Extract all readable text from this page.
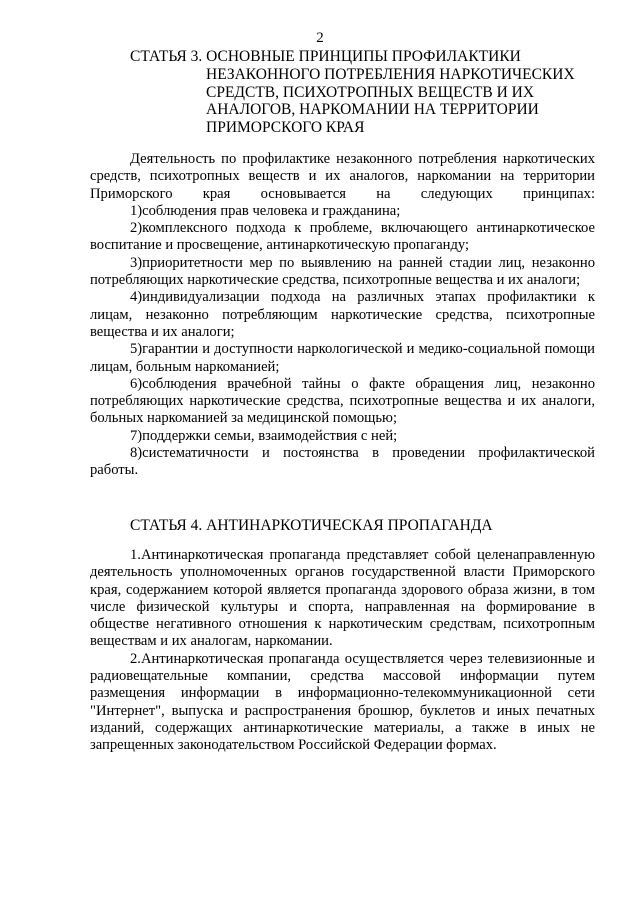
2
СТАТЬЯ 3. ОСНОВНЫЕ ПРИНЦИПЫ ПРОФИЛАКТИКИ
НЕЗАКОННОГО ПОТРЕБЛЕНИЯ НАРКОТИЧЕСКИХ
СРЕДСТВ, ПСИХОТРОПНЫХ ВЕЩЕСТВ И ИХ
АНАЛОГОВ, НАРКОМАНИИ НА ТЕРРИТОРИИ
ПРИМОРСКОГО КРАЯ

Деятельность по профилактике незаконного потребления наркотических средств, психотропных веществ и их аналогов, наркомании на территории Приморского края основывается на следующих принципах:

1)соблюдения прав человека и гражданина;

2)комплексного подхода к проблеме, включающего антинаркотическое воспитание и просвещение, антинаркотическую пропаганду;

3)приоритетности мер по выявлению на ранней стадии лиц, незаконно потребляющих наркотические средства, психотропные вещества и их аналоги;

4)индивидуализации подхода на различных этапах профилактики к лицам, незаконно потребляющим наркотические средства, психотропные вещества и их аналоги;

5)гарантии и доступности наркологической и медико-социальной помощи лицам, больным наркоманией;

6)соблюдения врачебной тайны о факте обращения лиц, незаконно потребляющих наркотические средства, психотропные вещества и их аналоги, больных наркоманией за медицинской помощью;

7)поддержки семьи, взаимодействия с ней;

8)систематичности и постоянства в проведении профилактической работы.

СТАТЬЯ 4. АНТИНАРКОТИЧЕСКАЯ ПРОПАГАНДА

1.Антинаркотическая пропаганда представляет собой целенаправленную деятельность уполномоченных органов государственной власти Приморского края, содержанием которой является пропаганда здорового образа жизни, в том числе физической культуры и спорта, направленная на формирование в обществе негативного отношения к наркотическим средствам, психотропным веществам и их аналогам, наркомании.

2.Антинаркотическая пропаганда осуществляется через телевизионные и радиовещательные компании, средства массовой информации путем размещения информации в информационно-телекоммуникационной сети "Интернет", выпуска и распространения брошюр, буклетов и иных печатных изданий, содержащих антинаркотические материалы, а также в иных не запрещенных законодательством Российской Федерации формах.
